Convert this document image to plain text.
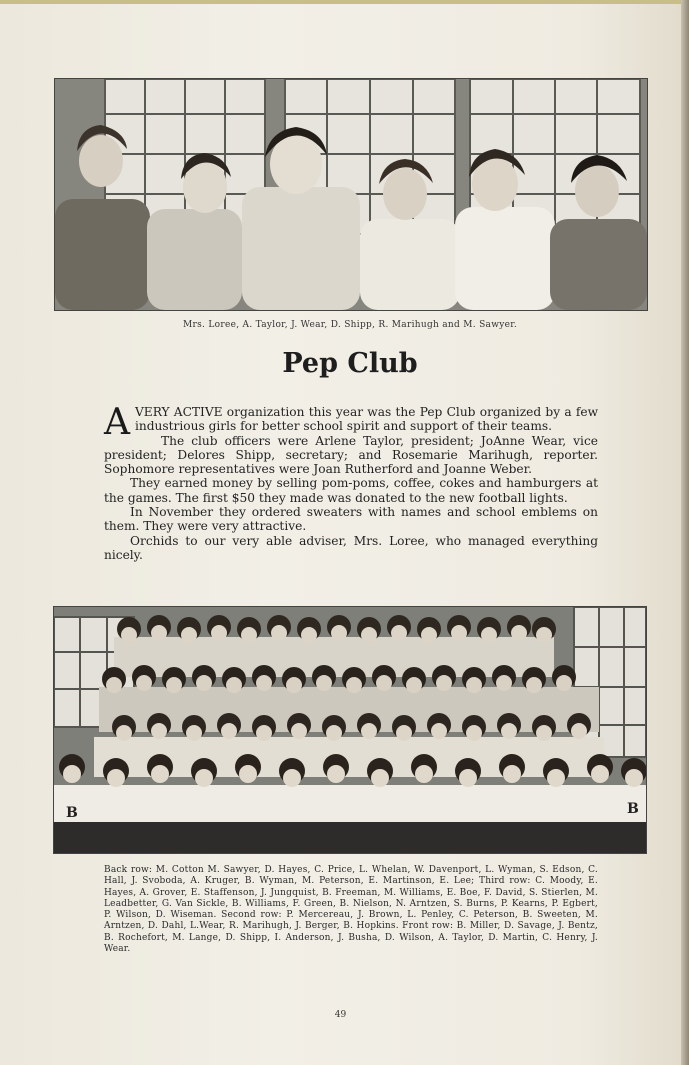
Mrs. Loree, A. Taylor, J. Wear, D. Shipp, R. Marihugh and M. Sawyer.

Pep Club

AVERY ACTIVE organization this year was the Pep Club organized by a few industrious girls for better school spirit and support of their teams.

The club officers were Arlene Taylor, president; JoAnne Wear, vice president; Delores Shipp, secretary; and Rosemarie Marihugh, reporter. Sophomore representatives were Joan Rutherford and Joanne Weber.

They earned money by selling pom-poms, coffee, cokes and hamburgers at the games. The first $50 they made was donated to the new football lights.

In November they ordered sweaters with names and school emblems on them. They were very attractive.

Orchids to our very able adviser, Mrs. Loree, who managed everything nicely.

B	B

Back row: M. Cotton M. Sawyer, D. Hayes, C. Price, L. Whelan, W. Davenport, L. Wyman, S. Edson, C. Hall, J. Svoboda, A. Kruger, B. Wyman, M. Peterson, E. Martinson, E. Lee; Third row: C. Moody, E. Hayes, A. Grover, E. Staffenson, J. Jungquist, B. Freeman, M. Williams, E. Boe, F. David, S. Stierlen, M. Leadbetter, G. Van Sickle, B. Williams, F. Green, B. Nielson, N. Arntzen, S. Burns, P. Kearns, P. Egbert, P. Wilson, D. Wiseman. Second row: P. Mercereau, J. Brown, L. Penley, C. Peterson, B. Sweeten, M. Arntzen, D. Dahl, L.Wear, R. Marihugh, J. Berger, B. Hopkins. Front row: B. Miller, D. Savage, J. Bentz, B. Rochefort, M. Lange, D. Shipp, I. Anderson, J. Busha, D. Wilson, A. Taylor, D. Martin, C. Henry, J. Wear.

49
